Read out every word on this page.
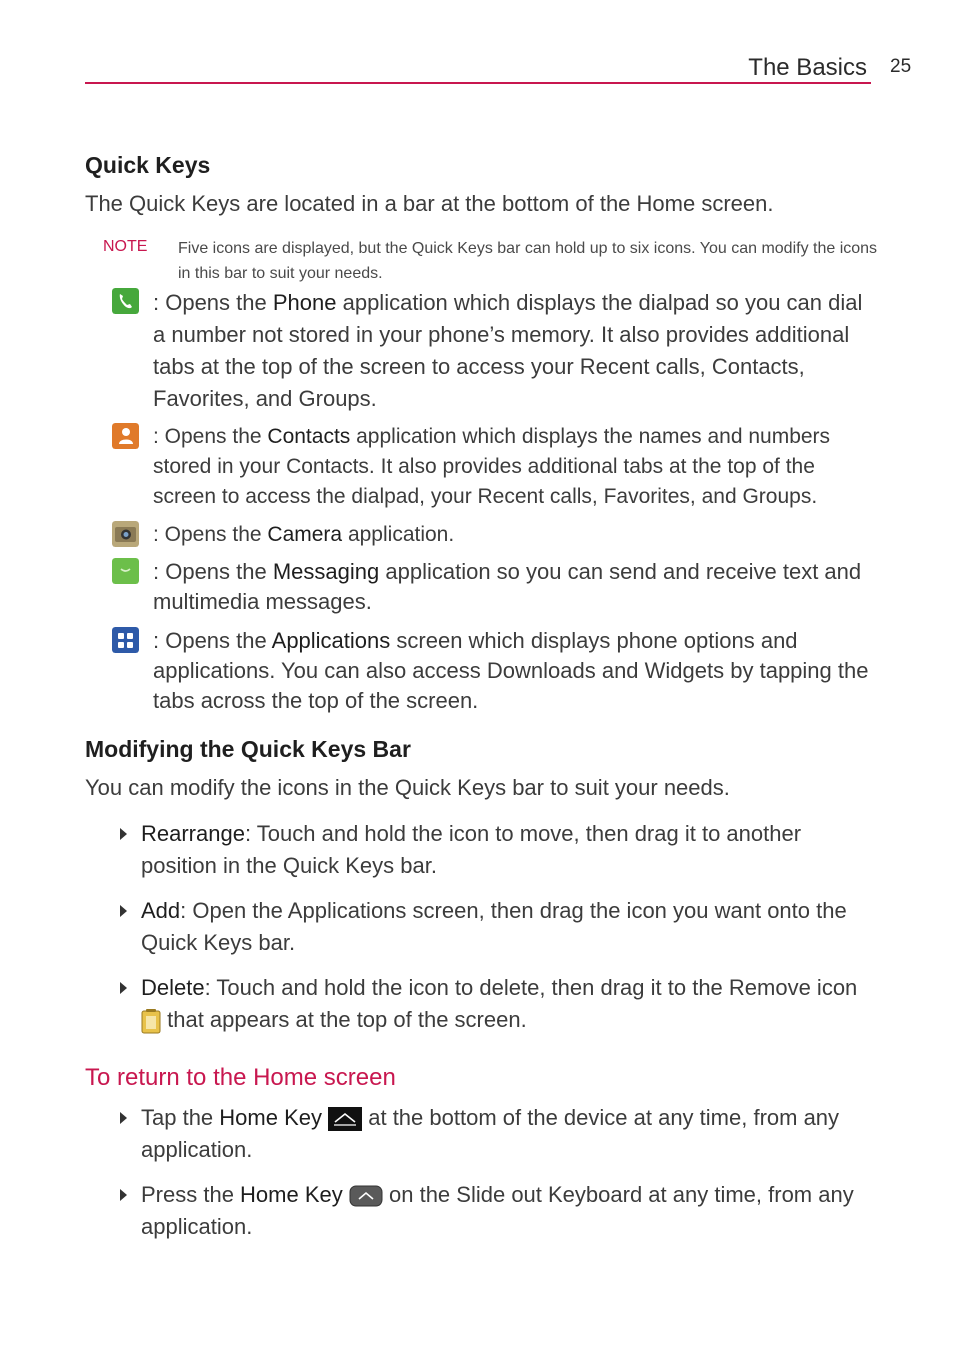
The Basics 25
Quick Keys
The Quick Keys are located in a bar at the bottom of the Home screen.
NOTE Five icons are displayed, but the Quick Keys bar can hold up to six icons. You can modify the icons in this bar to suit your needs.
: Opens the Phone application which displays the dialpad so you can dial a number not stored in your phone’s memory. It also provides additional tabs at the top of the screen to access your Recent calls, Contacts, Favorites, and Groups.
: Opens the Contacts application which displays the names and numbers stored in your Contacts. It also provides additional tabs at the top of the screen to access the dialpad, your Recent calls, Favorites, and Groups.
: Opens the Camera application.
: Opens the Messaging application so you can send and receive text and multimedia messages.
: Opens the Applications screen which displays phone options and applications. You can also access Downloads and Widgets by tapping the tabs across the top of the screen.
Modifying the Quick Keys Bar
You can modify the icons in the Quick Keys bar to suit your needs.
Rearrange: Touch and hold the icon to move, then drag it to another position in the Quick Keys bar.
Add: Open the Applications screen, then drag the icon you want onto the Quick Keys bar.
Delete: Touch and hold the icon to delete, then drag it to the Remove icon  that appears at the top of the screen.
To return to the Home screen
Tap the Home Key  at the bottom of the device at any time, from any application.
Press the Home Key  on the Slide out Keyboard at any time, from any application.
